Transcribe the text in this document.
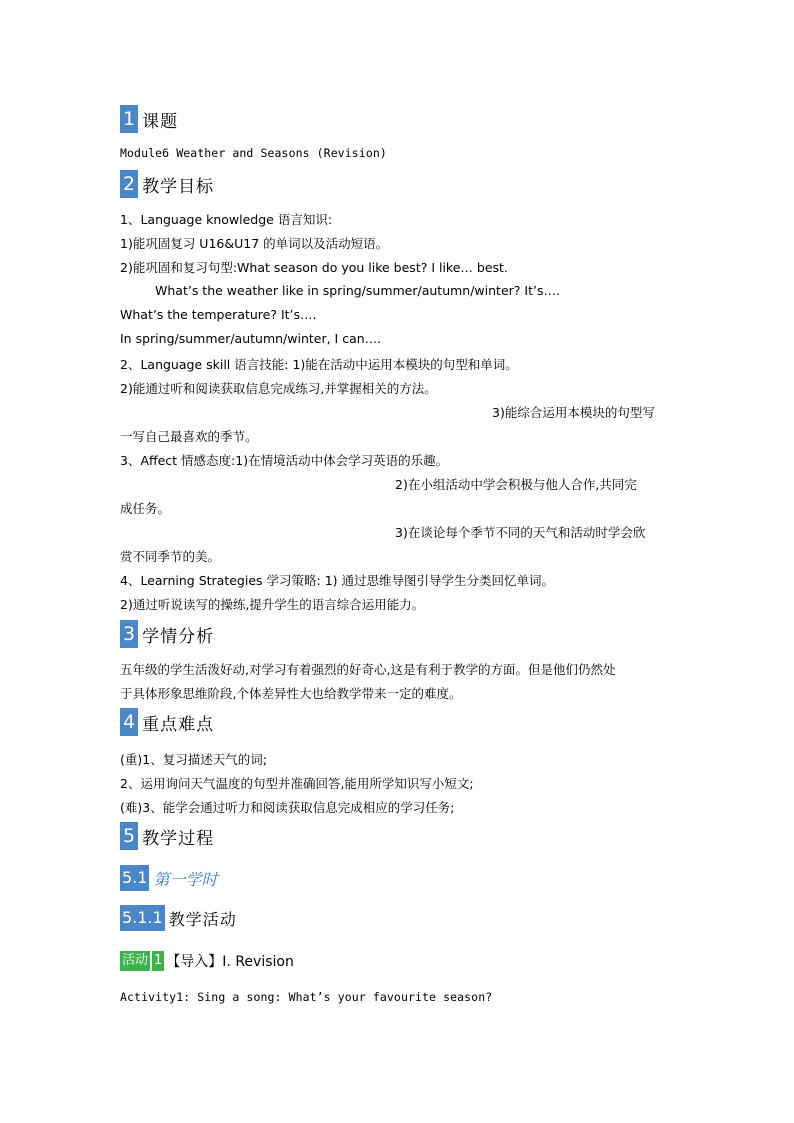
1 课题
Module6 Weather and Seasons (Revision)
2 教学目标
1、Language knowledge 语言知识:
1)能巩固复习 U16&U17 的单词以及活动短语。
2)能巩固和复习句型:What season do you like best? I like… best.
What’s the weather like in spring/summer/autumn/winter? It’s….
What’s the temperature? It’s….
In spring/summer/autumn/winter, I can….
2、Language skill 语言技能: 1)能在活动中运用本模块的句型和单词。
2)能通过听和阅读获取信息完成练习,并掌握相关的方法。
3)能综合运用本模块的句型写
一写自己最喜欢的季节。
3、Affect 情感态度:1)在情境活动中体会学习英语的乐趣。
2)在小组活动中学会积极与他人合作,共同完
成任务。
3)在谈论每个季节不同的天气和活动时学会欣
赏不同季节的美。
4、Learning Strategies 学习策略: 1) 通过思维导图引导学生分类回忆单词。
2)通过听说读写的操练,提升学生的语言综合运用能力。
3 学情分析
五年级的学生活泼好动,对学习有着强烈的好奇心,这是有利于教学的方面。但是他们仍然处
于具体形象思维阶段,个体差异性大也给教学带来一定的难度。
4 重点难点
(重)1、复习描述天气的词;
2、运用询问天气温度的句型并准确回答,能用所学知识写小短文;
(难)3、能学会通过听力和阅读获取信息完成相应的学习任务;
5 教学过程
5.1 第一学时
5.1.1 教学活动
活动 1 【导入】I. Revision
Activity1: Sing a song: What’s your favourite season?
